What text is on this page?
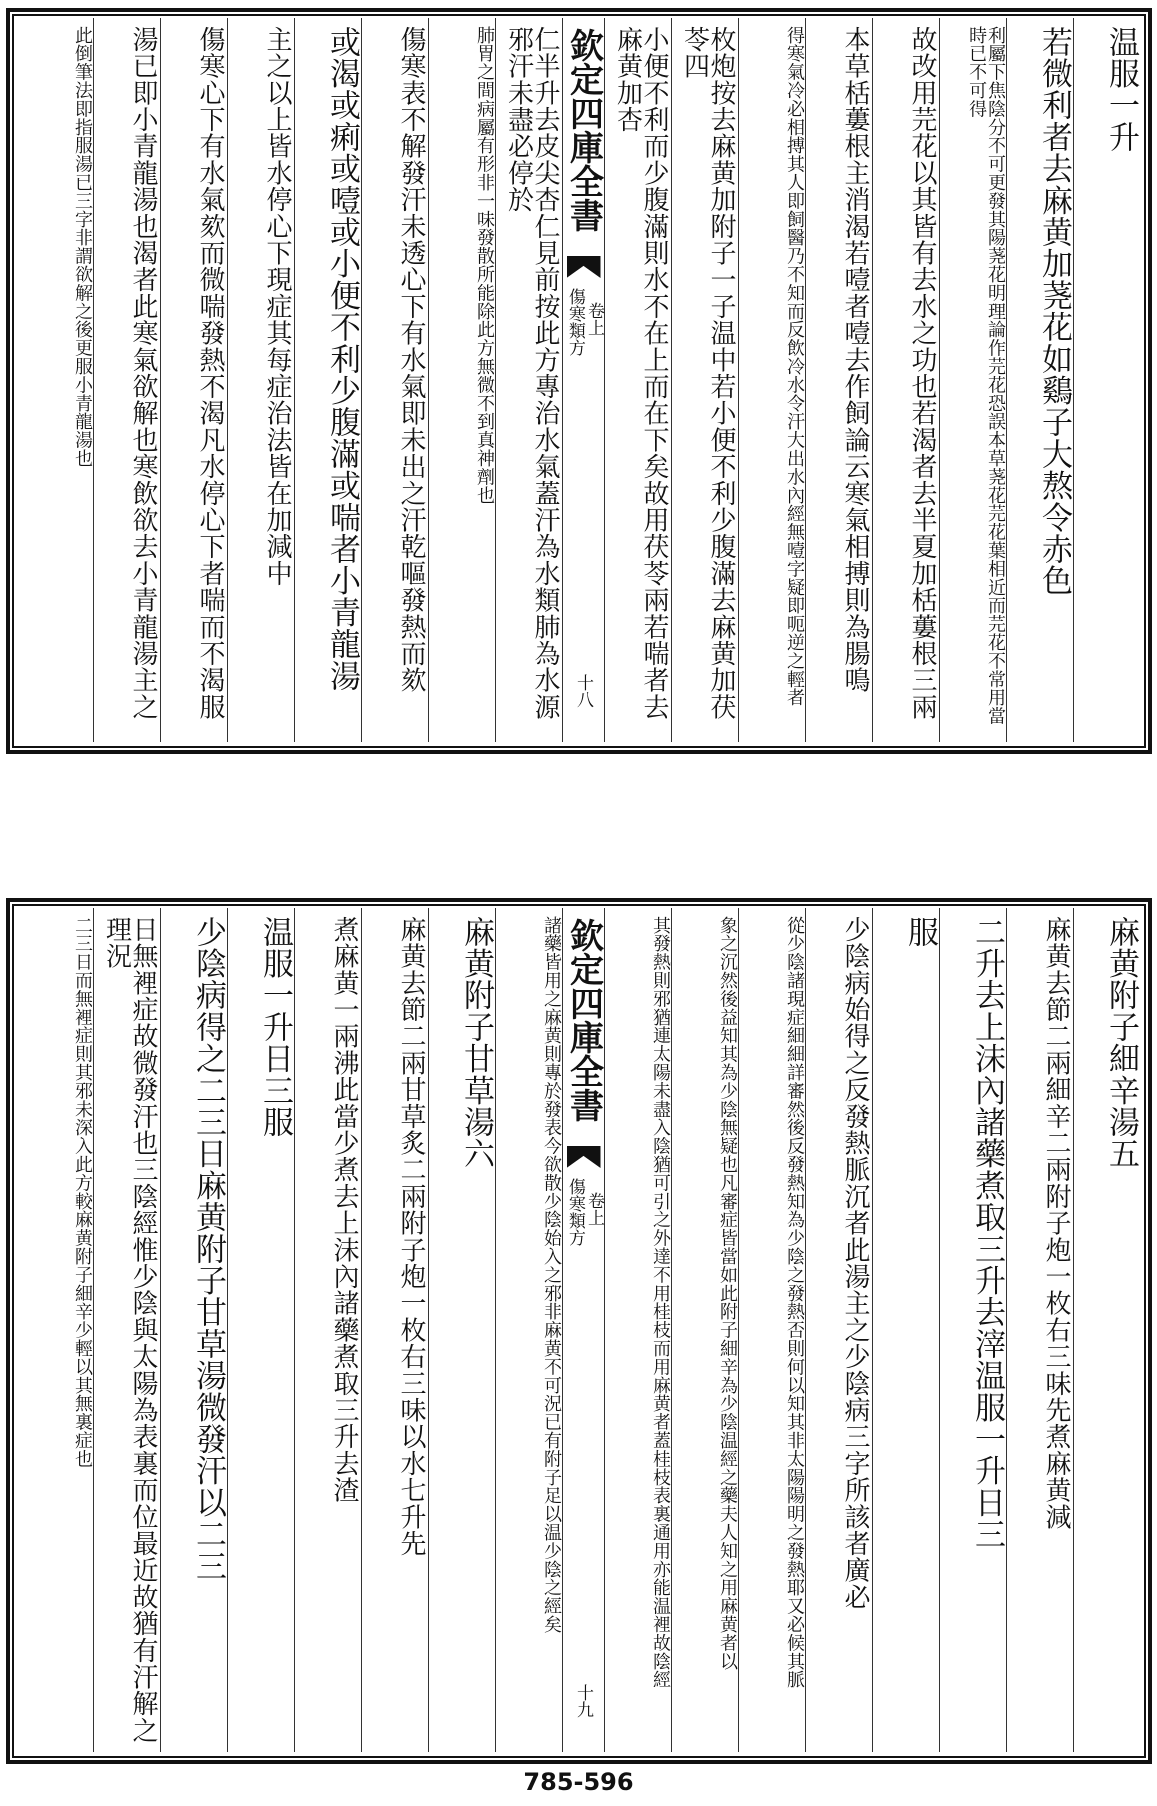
温服一升
若微利者去麻黄加荛花如鷄子大熬令赤色
利屬下焦陰分不可更發其陽荛花明理論作芫花恐誤本草荛花芫花葉相近而芫花不常用當時已不可得
故改用芫花以其皆有去水之功也若渴者去半夏加栝蔞根三兩
本草栝蔞根主消渴若噎者噎去作飼論云寒氣相搏則為腸鳴
得寒氣冷必相搏其人即飼醫乃不知而反飲冷水令汗大出水內經無噎字疑即呃逆之輕者
枚炮按去麻黄加附子一子温中若小便不利少腹滿去麻黄加茯苓四
小便不利而少腹滿則水不在上而在下矣故用茯苓兩若喘者去麻黄加杏
欽定四庫全書
傷寒類方 卷上
十八
仁半升去皮尖杏仁見前按此方專治水氣蓋汗為水類肺為水源邪汗未盡必停於
肺胃之間病屬有形非一味發散所能除此方無微不到真神劑也
傷寒表不解發汗未透心下有水氣即未出之汗乾嘔發熱而欬
或渴或痢或噎或小便不利少腹滿或喘者小青龍湯
主之以上皆水停心下現症其每症治法皆在加減中
傷寒心下有水氣欬而微喘發熱不渴凡水停心下者喘而不渴服
湯已即小青龍湯也渴者此寒氣欲解也寒飲欲去小青龍湯主之
此倒筆法即指服湯已三字非謂欲解之後更服小青龍湯也
麻黄附子細辛湯五
麻黄去節二兩細辛二兩附子炮一枚右三味先煮麻黄減
二升去上沫內諸藥煮取三升去滓温服一升日三
服
少陰病始得之反發熱脈沉者此湯主之少陰病三字所該者廣必
從少陰諸現症細細詳審然後反發熱知為少陰之發熱否則何以知其非太陽陽明之發熱耶又必候其脈
象之沉然後益知其為少陰無疑也凡審症皆當如此附子細辛為少陰温經之藥夫人知之用麻黄者以
其發熱則邪猶連太陽未盡入陰猶可引之外達不用桂枝而用麻黄者蓋桂枝表裏通用亦能温裡故陰經
欽定四庫全書
傷寒類方 卷上
十九
諸藥皆用之麻黄則專於發表今欲散少陰始入之邪非麻黄不可況已有附子足以温少陰之經矣
麻黄附子甘草湯六
麻黄去節二兩甘草炙二兩附子炮一枚右三味以水七升先
煮麻黄一兩沸此當少煮去上沫內諸藥煮取三升去渣
温服一升日三服
少陰病得之二三日麻黄附子甘草湯微發汗以二三
日無裡症故微發汗也三陰經惟少陰與太陽為表裏而位最近故猶有汗解之理況
二三日而無裡症則其邪未深入此方較麻黄附子細辛少輕以其無裏症也
785-596
